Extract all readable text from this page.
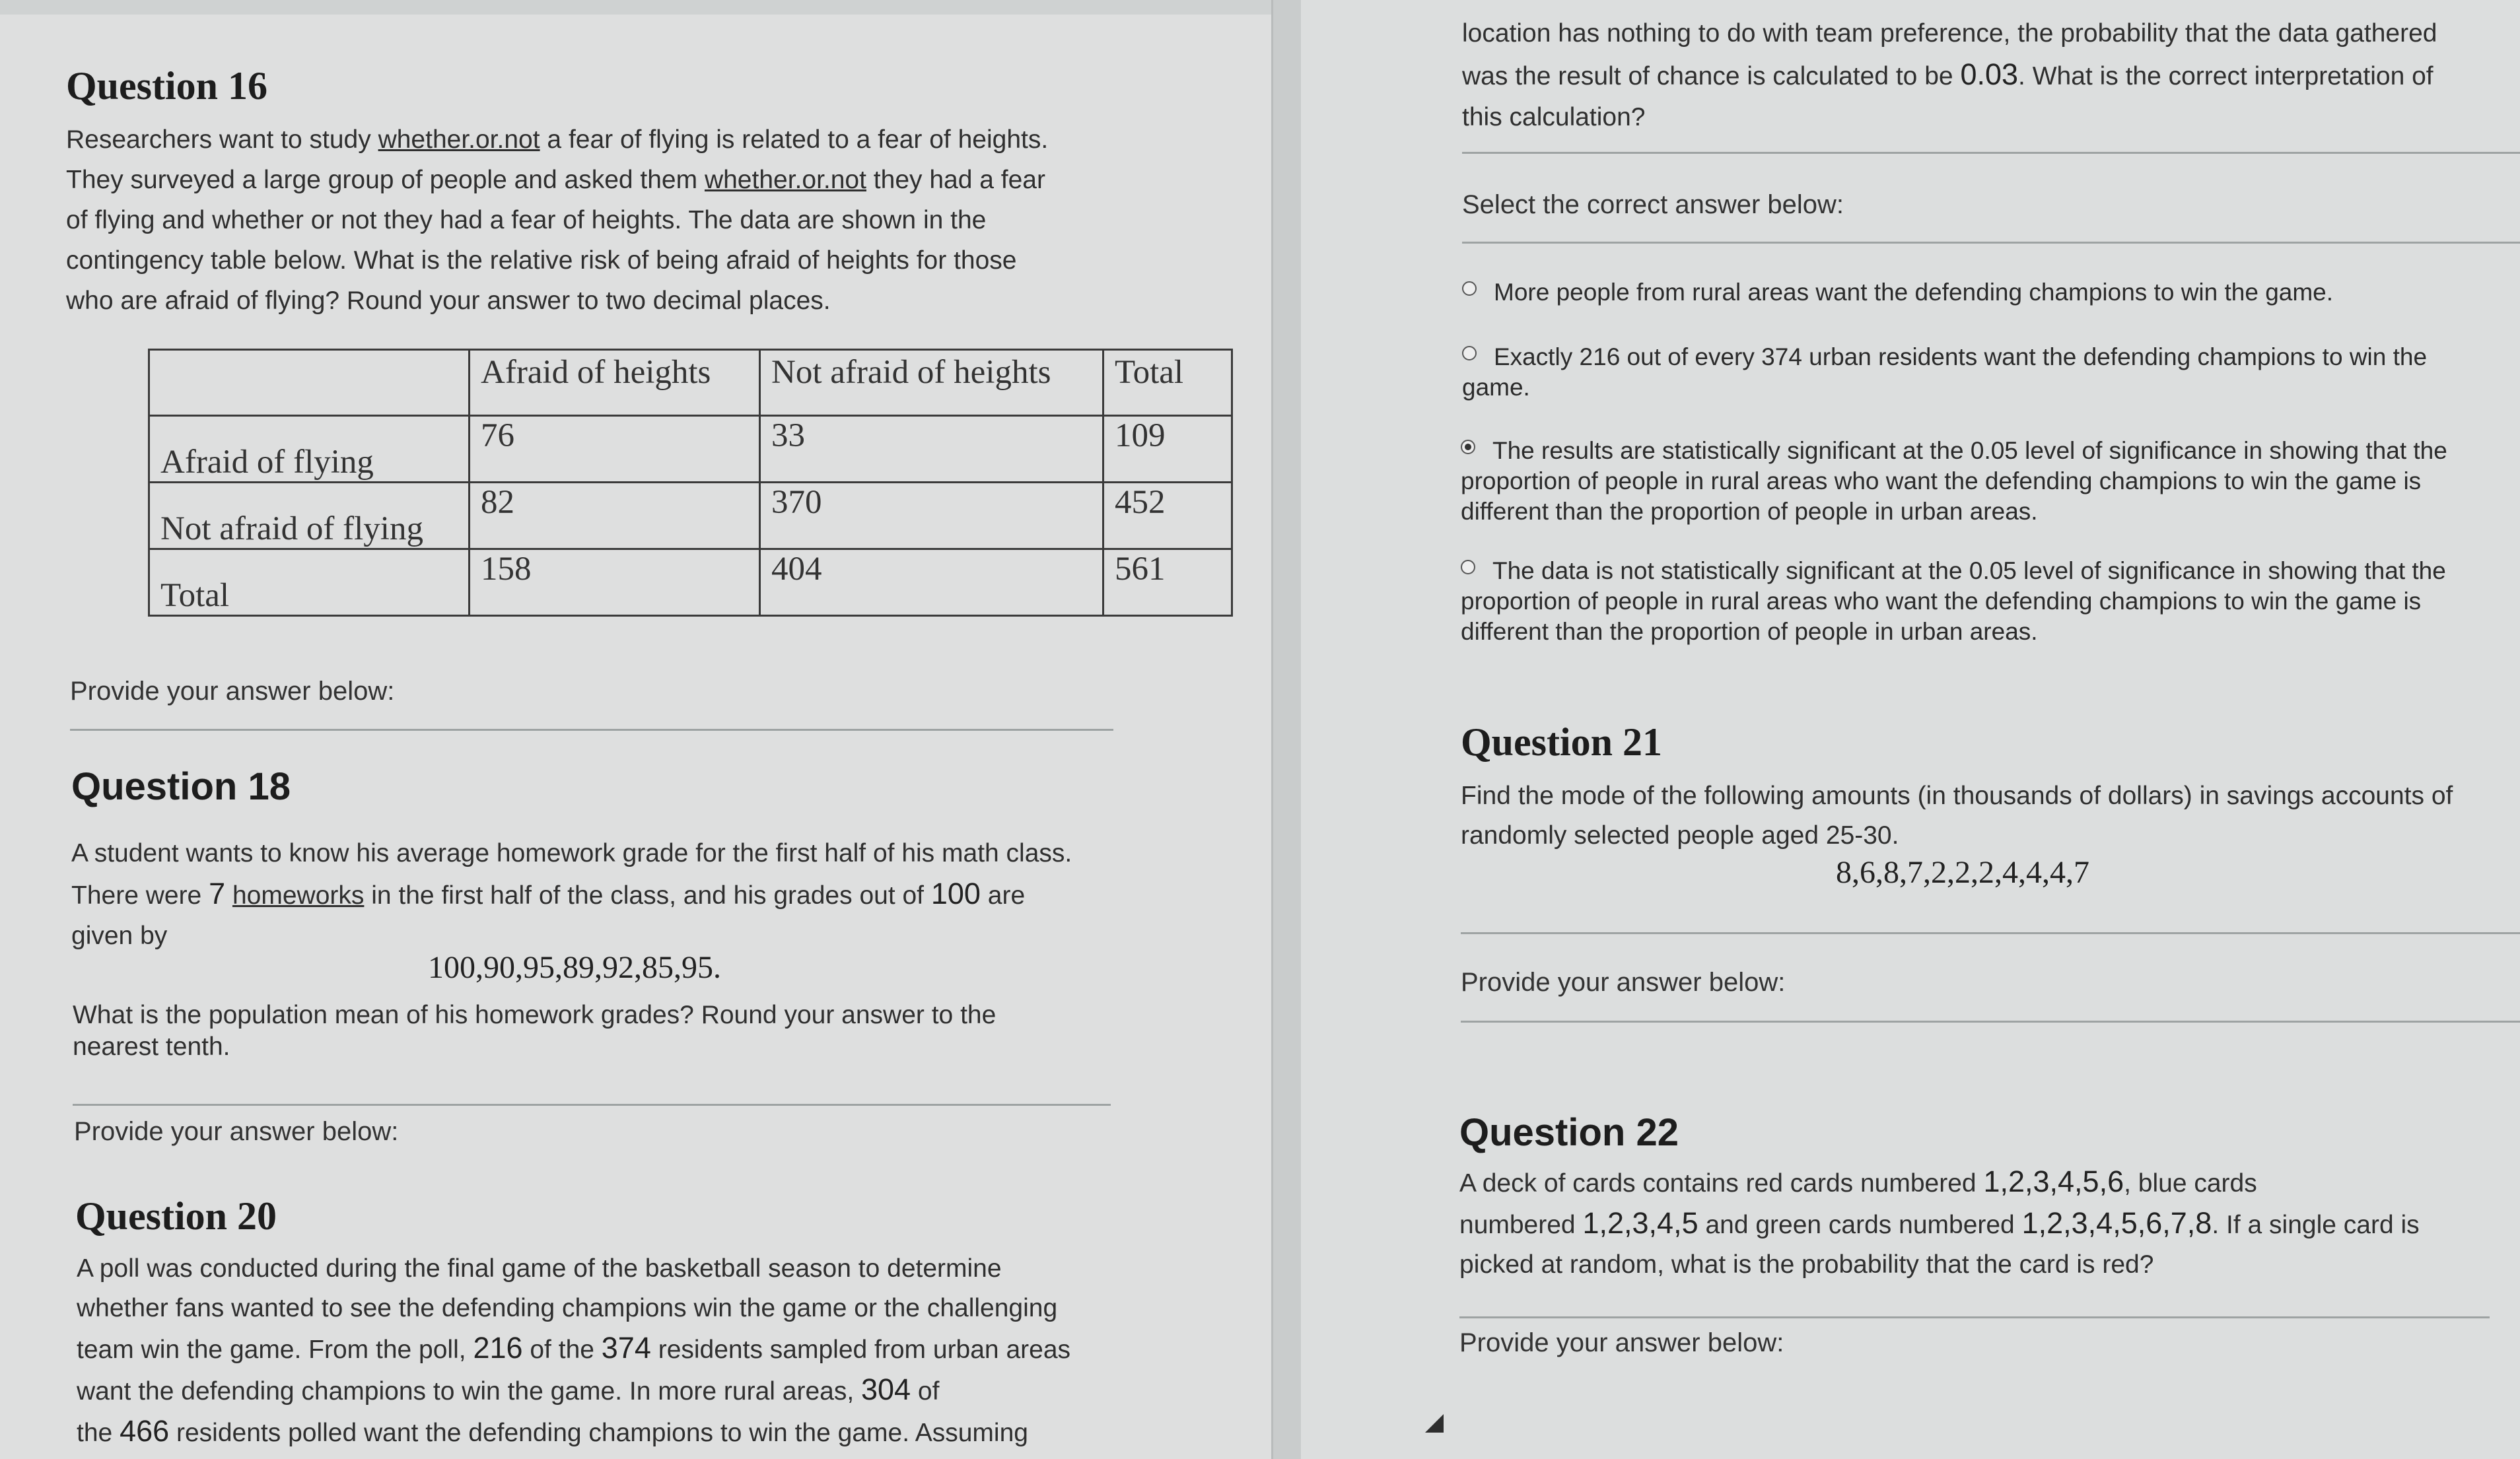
Question 16
Researchers want to study whether.or.not a fear of flying is related to a fear of heights.
They surveyed a large group of people and asked them whether.or.not they had a fear
of flying and whether or not they had a fear of heights. The data are shown in the
contingency table below. What is the relative risk of being afraid of heights for those
who are afraid of flying? Round your answer to two decimal places.
	Afraid of heights	Not afraid of heights	Total
Afraid of flying	76	33	109
Not afraid of flying	82	370	452
Total	158	404	561
Provide your answer below:
Question 18
A student wants to know his average homework grade for the first half of his math class.
There were 7 homeworks in the first half of the class, and his grades out of 100 are
given by
100,90,95,89,92,85,95.
What is the population mean of his homework grades? Round your answer to the
nearest tenth.
Provide your answer below:
Question 20
A poll was conducted during the final game of the basketball season to determine
whether fans wanted to see the defending champions win the game or the challenging
team win the game. From the poll, 216 of the 374 residents sampled from urban areas
want the defending champions to win the game. In more rural areas, 304 of
the 466 residents polled want the defending champions to win the game. Assuming
location has nothing to do with team preference, the probability that the data gathered
was the result of chance is calculated to be 0.03. What is the correct interpretation of
this calculation?
Select the correct answer below:
More people from rural areas want the defending champions to win the game.
Exactly 216 out of every 374 urban residents want the defending champions to win the
game.
The results are statistically significant at the 0.05 level of significance in showing that the
proportion of people in rural areas who want the defending champions to win the game is
different than the proportion of people in urban areas.
The data is not statistically significant at the 0.05 level of significance in showing that the
proportion of people in rural areas who want the defending champions to win the game is
different than the proportion of people in urban areas.
Question 21
Find the mode of the following amounts (in thousands of dollars) in savings accounts of
randomly selected people aged 25-30.
8,6,8,7,2,2,2,4,4,4,7
Provide your answer below:
Question 22
A deck of cards contains red cards numbered 1,2,3,4,5,6, blue cards
numbered 1,2,3,4,5 and green cards numbered 1,2,3,4,5,6,7,8. If a single card is
picked at random, what is the probability that the card is red?
Provide your answer below:
